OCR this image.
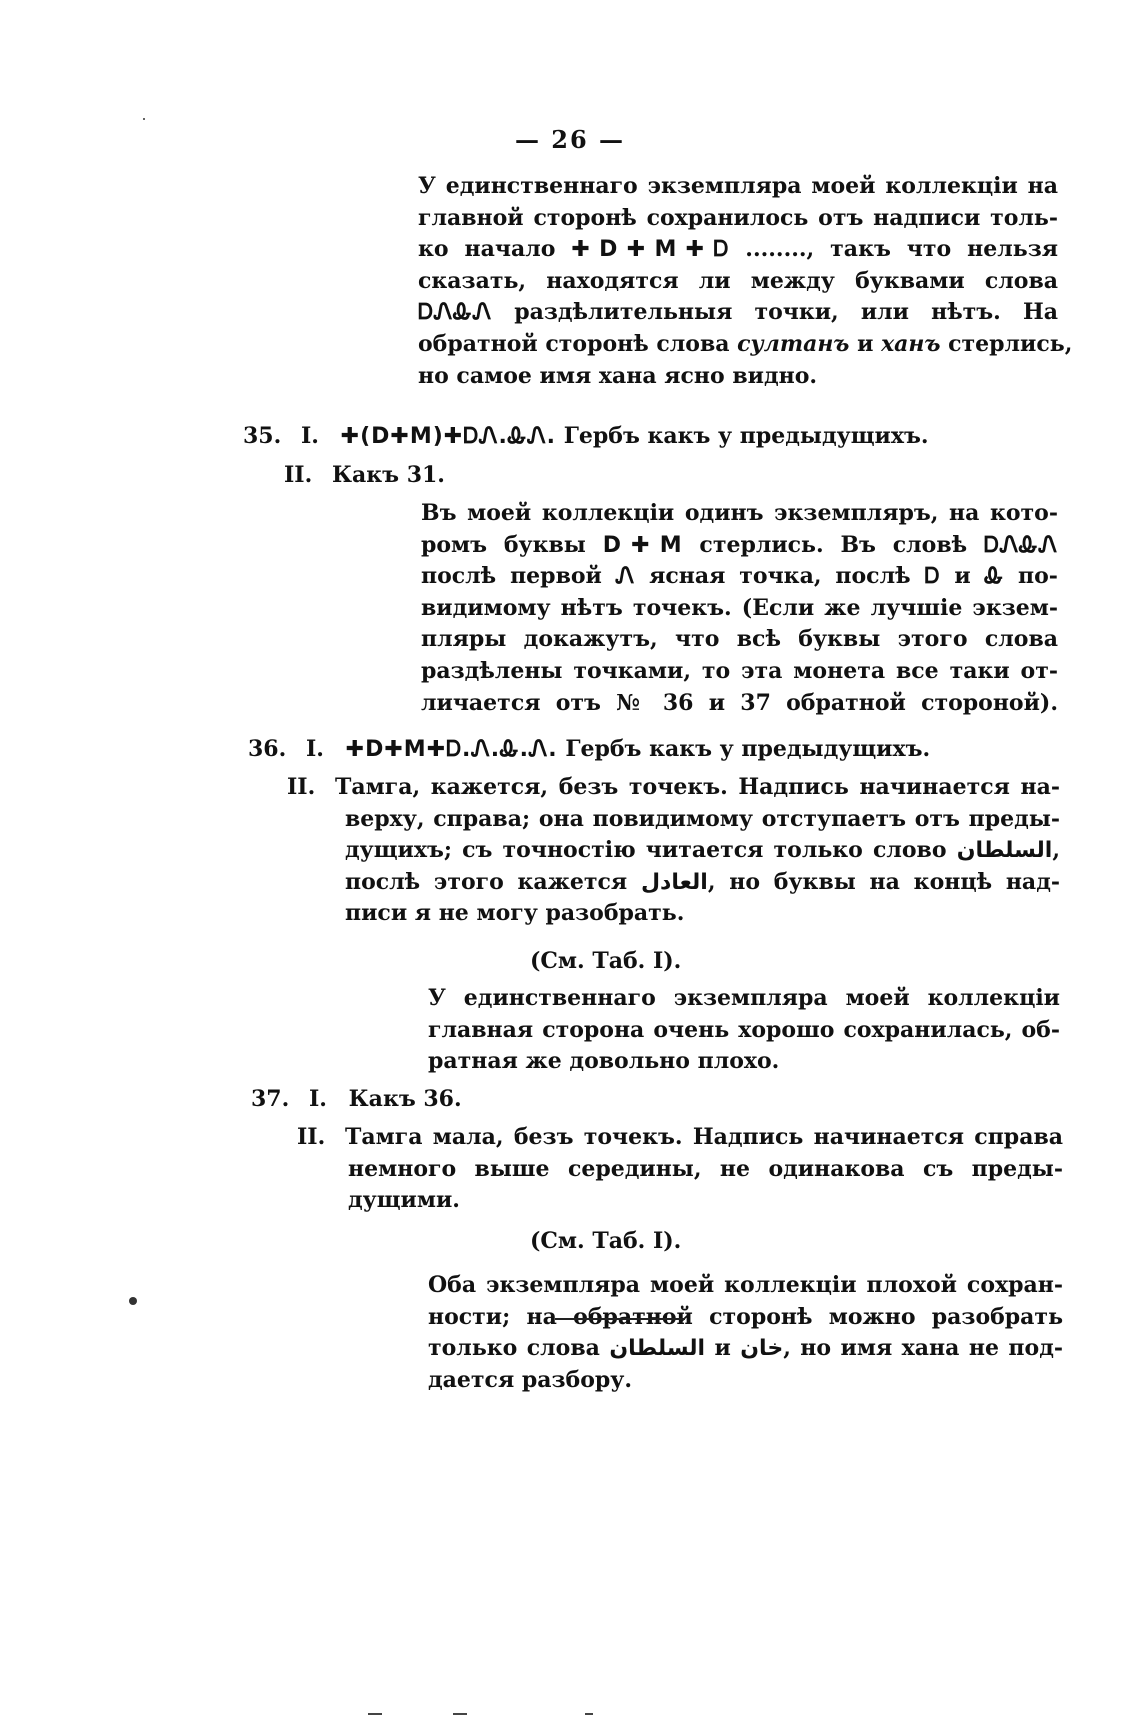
— 26 —
У единственнаго экземпляра моей коллекцiи на
главной сторонѣ сохранилось отъ надписи толь-
ко начало ✚D✚M✚Ꭰ ........, такъ что нельзя
сказать, находятся ли между буквами слова
ᎠᏁᎲᏁ раздѣлительныя точки, или нѣтъ. На
обратной сторонѣ слова султанъ и ханъ стерлись,
но самое имя хана ясно видно.
35. I. ✚(D✚M)✚ᎠᏁ.ᎲᏁ. Гербъ какъ у предыдущихъ.
II. Какъ 31.
Въ моей коллекцiи одинъ экземпляръ, на кото-
ромъ буквы D✚M стерлись. Въ словѣ ᎠᏁᎲᏁ
послѣ первой Ꮑ ясная точка, послѣ Ꭰ и Ꮂ по-
видимому нѣтъ точекъ. (Если же лучшiе экзем-
пляры докажутъ, что всѣ буквы этого слова
раздѣлены точками, то эта монета все таки от-
личается отъ № 36 и 37 обратной стороной).
36. I. ✚D✚M✚Ꭰ.Ꮑ.Ꮂ.Ꮑ. Гербъ какъ у предыдущихъ.
II. Тамга, кажется, безъ точекъ. Надпись начинается на-
верху, справа; она повидимому отступаетъ отъ преды-
дущихъ; съ точностiю читается только слово السلطان,
послѣ этого кажется العادل, но буквы на концѣ над-
писи я не могу разобрать.
(См. Таб. I).
У единственнаго экземпляра моей коллекцiи
главная сторона очень хорошо сохранилась, об-
ратная же довольно плохо.
37. I. Какъ 36.
II. Тамга мала, безъ точекъ. Надпись начинается справа
немного выше середины, не одинакова съ преды-
дущими.
(См. Таб. I).
Оба экземпляра моей коллекцiи плохой сохран-
ности; на обратной сторонѣ можно разобрать
только слова السلطان и خان, но имя хана не под-
дается разбору.
